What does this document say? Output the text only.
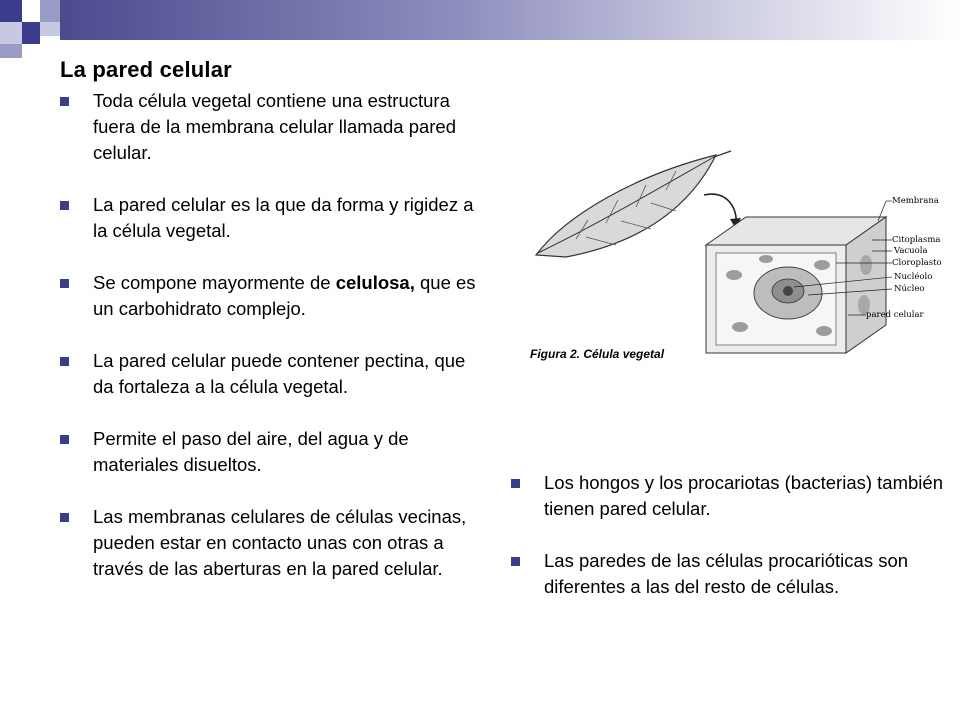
La pared celular
Toda célula vegetal contiene una estructura fuera de la membrana celular llamada pared celular.
La pared celular es la que da forma y rigidez a la célula vegetal.
Se compone mayormente de celulosa, que es un carbohidrato complejo.
La pared celular puede contener pectina, que da fortaleza a la célula vegetal.
Permite el paso del aire, del agua y de materiales disueltos.
Las membranas celulares de células vecinas, pueden estar en contacto unas con otras a través de las aberturas en la pared celular.
Membrana
Citoplasma
Vacuola
Cloroplasto
Nucléolo
Núcleo
pared celular
Figura 2. Célula vegetal
Los hongos y los procariotas (bacterias) también tienen pared celular.
Las paredes de las células procarióticas son diferentes a las del resto de células.
